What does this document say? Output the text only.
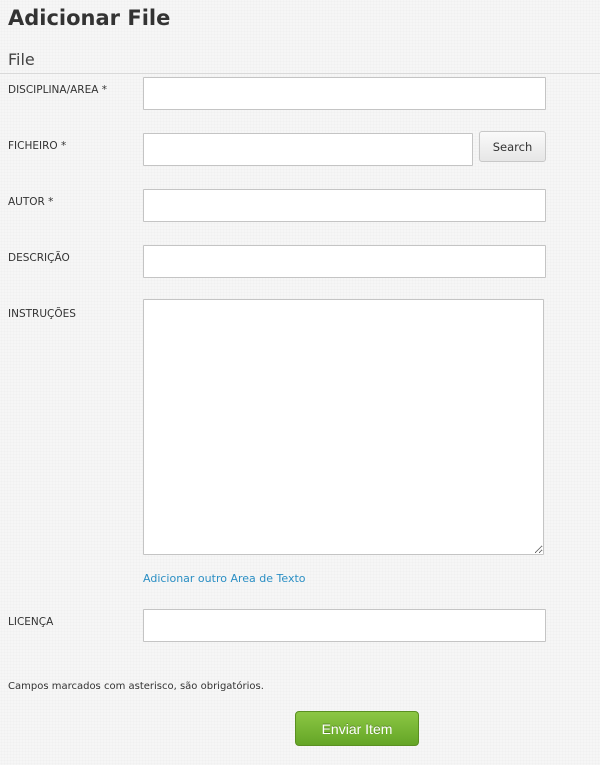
Adicionar File
File
DISCIPLINA/AREA *
FICHEIRO *	Search
AUTOR *
DESCRIÇÃO
INSTRUÇÕES
Adicionar outro Area de Texto
LICENÇA

Campos marcados com asterisco, são obrigatórios.

Enviar Item
